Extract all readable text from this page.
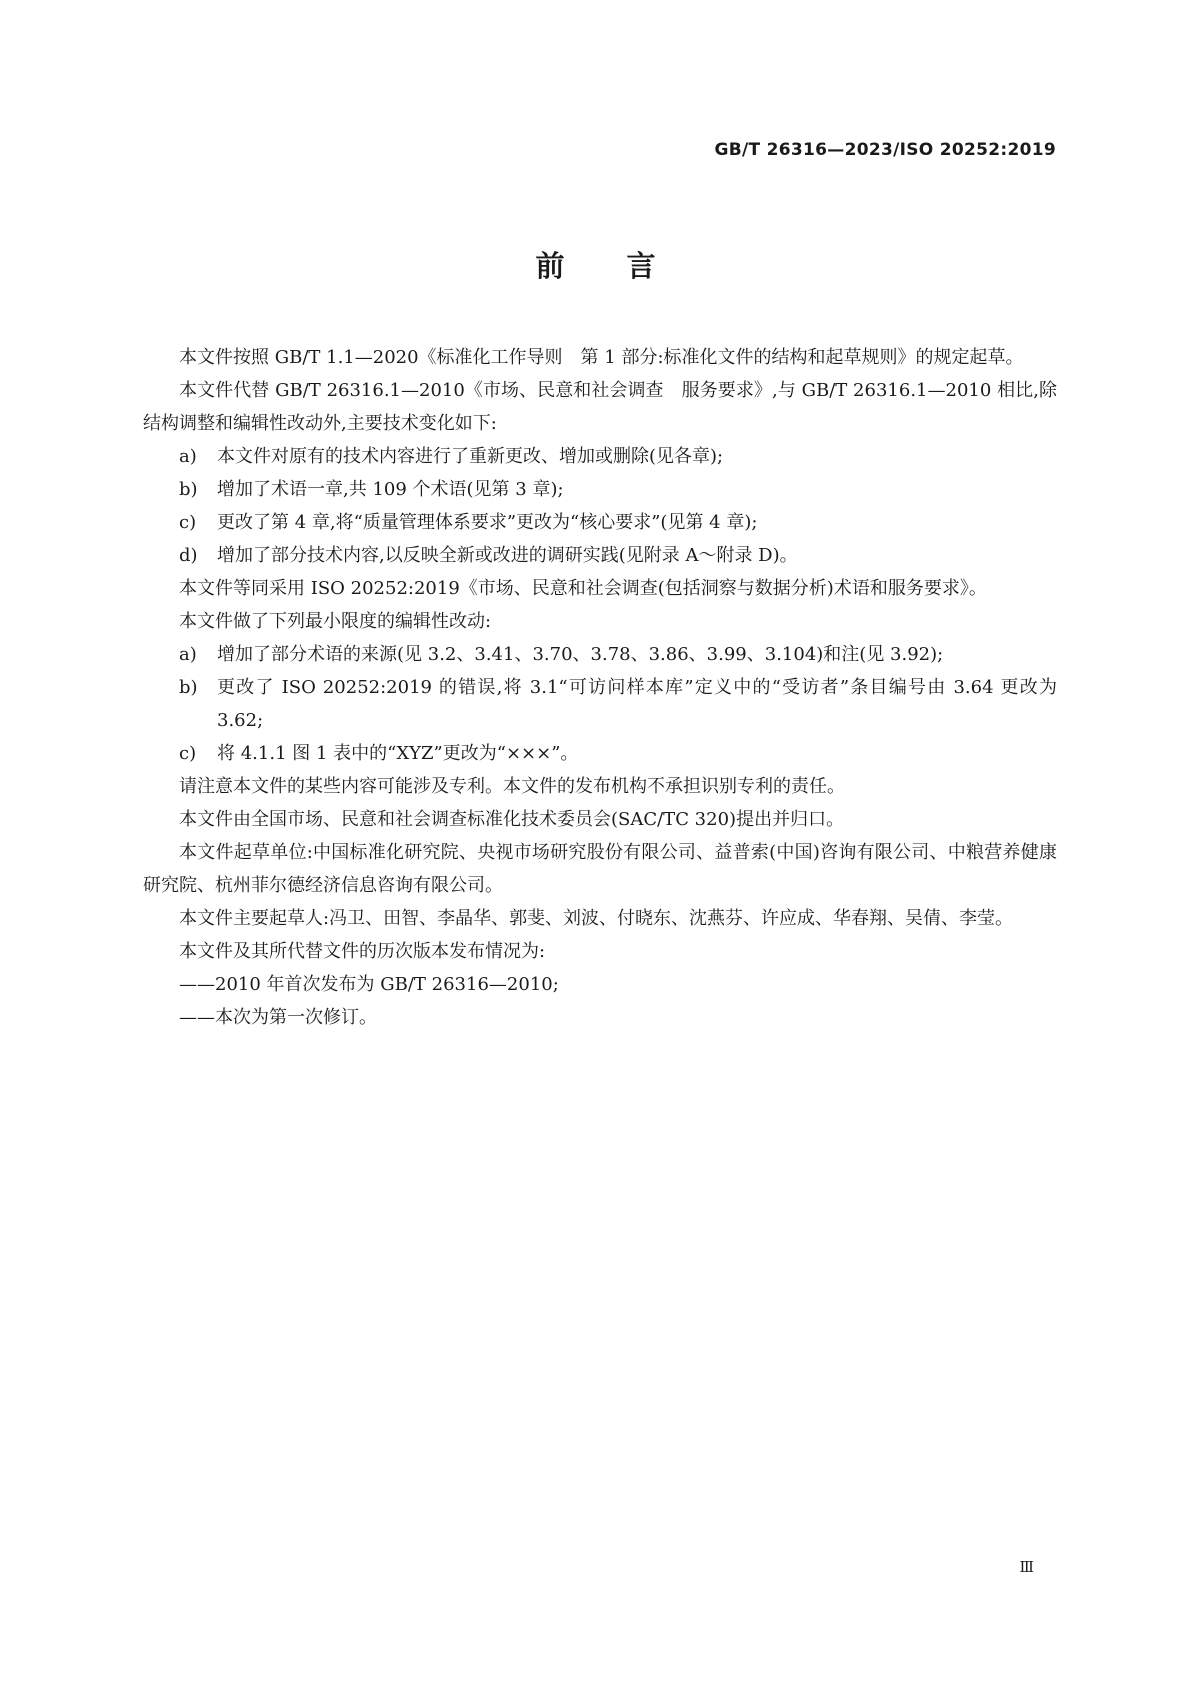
GB/T 26316—2023/ISO 20252:2019
前言

本文件按照 GB/T 1.1—2020《标准化工作导则　第 1 部分:标准化文件的结构和起草规则》的规定起草。

本文件代替 GB/T 26316.1—2010《市场、民意和社会调查　服务要求》,与 GB/T 26316.1—2010 相比,除结构调整和编辑性改动外,主要技术变化如下:

a) 本文件对原有的技术内容进行了重新更改、增加或删除(见各章);

b) 增加了术语一章,共 109 个术语(见第 3 章);

c) 更改了第 4 章,将“质量管理体系要求”更改为“核心要求”(见第 4 章);

d) 增加了部分技术内容,以反映全新或改进的调研实践(见附录 A～附录 D)。

本文件等同采用 ISO 20252:2019《市场、民意和社会调查(包括洞察与数据分析)术语和服务要求》。

本文件做了下列最小限度的编辑性改动:

a) 增加了部分术语的来源(见 3.2、3.41、3.70、3.78、3.86、3.99、3.104)和注(见 3.92);

b) 更改了 ISO 20252:2019 的错误,将 3.1“可访问样本库”定义中的“受访者”条目编号由 3.64 更改为 3.62;

c) 将 4.1.1 图 1 表中的“XYZ”更改为“×××”。

请注意本文件的某些内容可能涉及专利。本文件的发布机构不承担识别专利的责任。

本文件由全国市场、民意和社会调查标准化技术委员会(SAC/TC 320)提出并归口。

本文件起草单位:中国标准化研究院、央视市场研究股份有限公司、益普索(中国)咨询有限公司、中粮营养健康研究院、杭州菲尔德经济信息咨询有限公司。

本文件主要起草人:冯卫、田智、李晶华、郭斐、刘波、付晓东、沈燕芬、许应成、华春翔、吴倩、李莹。

本文件及其所代替文件的历次版本发布情况为:

——2010 年首次发布为 GB/T 26316—2010;

——本次为第一次修订。

Ⅲ
